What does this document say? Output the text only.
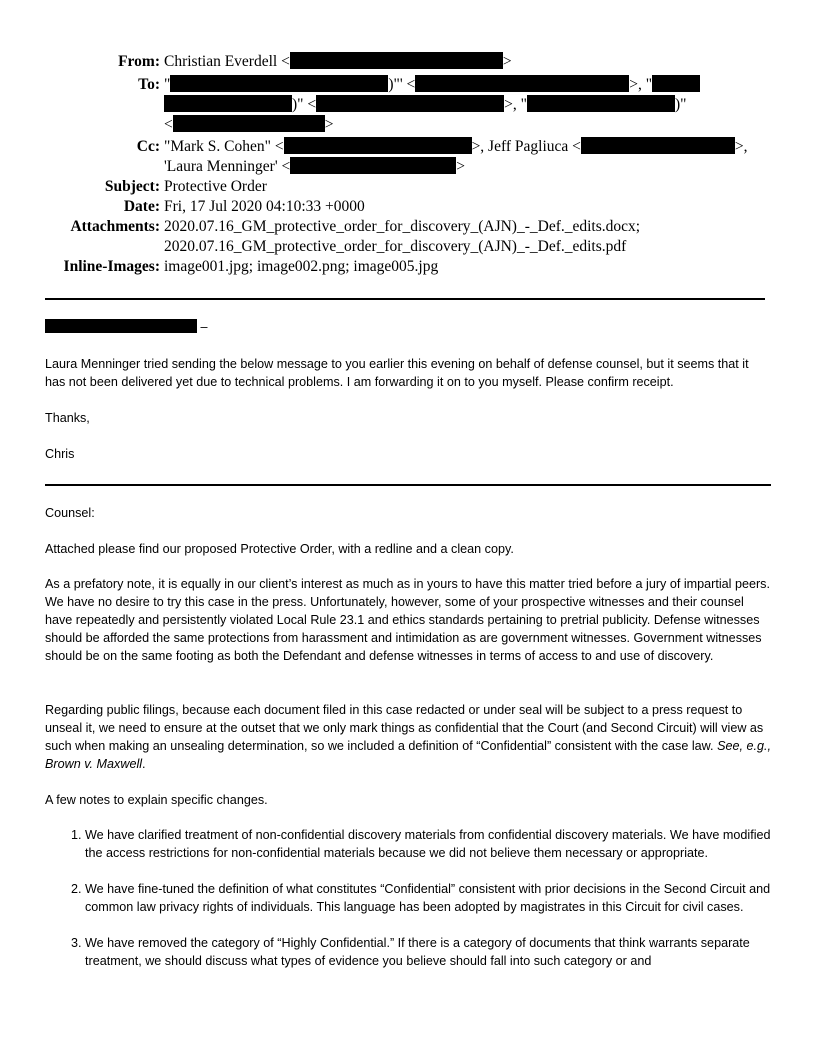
From: Christian Everdell <	>
To: "	)"' <	>, "
)" <	>, "	)"
<	>
Cc: "Mark S. Cohen" <	>, Jeff Pagliuca <	>,
'Laura Menninger' <	>
Subject: Protective Order
Date: Fri, 17 Jul 2020 04:10:33 +0000
Attachments: 2020.07.16_GM_protective_order_for_discovery_(AJN)_-_Def._edits.docx;
2020.07.16_GM_protective_order_for_discovery_(AJN)_-_Def._edits.pdf
Inline-Images: image001.jpg; image002.png; image005.jpg
–
Laura Menninger tried sending the below message to you earlier this evening on behalf of defense counsel, but it seems that it has not been delivered yet due to technical problems. I am forwarding it on to you myself. Please confirm receipt.
Thanks,
Chris
Counsel:
Attached please find our proposed Protective Order, with a redline and a clean copy.
As a prefatory note, it is equally in our client’s interest as much as in yours to have this matter tried before a jury of impartial peers. We have no desire to try this case in the press. Unfortunately, however, some of your prospective witnesses and their counsel have repeatedly and persistently violated Local Rule 23.1 and ethics standards pertaining to pretrial publicity. Defense witnesses should be afforded the same protections from harassment and intimidation as are government witnesses. Government witnesses should be on the same footing as both the Defendant and defense witnesses in terms of access to and use of discovery.
Regarding public filings, because each document filed in this case redacted or under seal will be subject to a press request to unseal it, we need to ensure at the outset that we only mark things as confidential that the Court (and Second Circuit) will view as such when making an unsealing determination, so we included a definition of “Confidential” consistent with the case law. See, e.g., Brown v. Maxwell.
A few notes to explain specific changes.
1. We have clarified treatment of non-confidential discovery materials from confidential discovery materials. We have modified the access restrictions for non-confidential materials because we did not believe them necessary or appropriate.
2. We have fine-tuned the definition of what constitutes “Confidential” consistent with prior decisions in the Second Circuit and common law privacy rights of individuals. This language has been adopted by magistrates in this Circuit for civil cases.
3. We have removed the category of “Highly Confidential.” If there is a category of documents that think warrants separate treatment, we should discuss what types of evidence you believe should fall into such category or and
